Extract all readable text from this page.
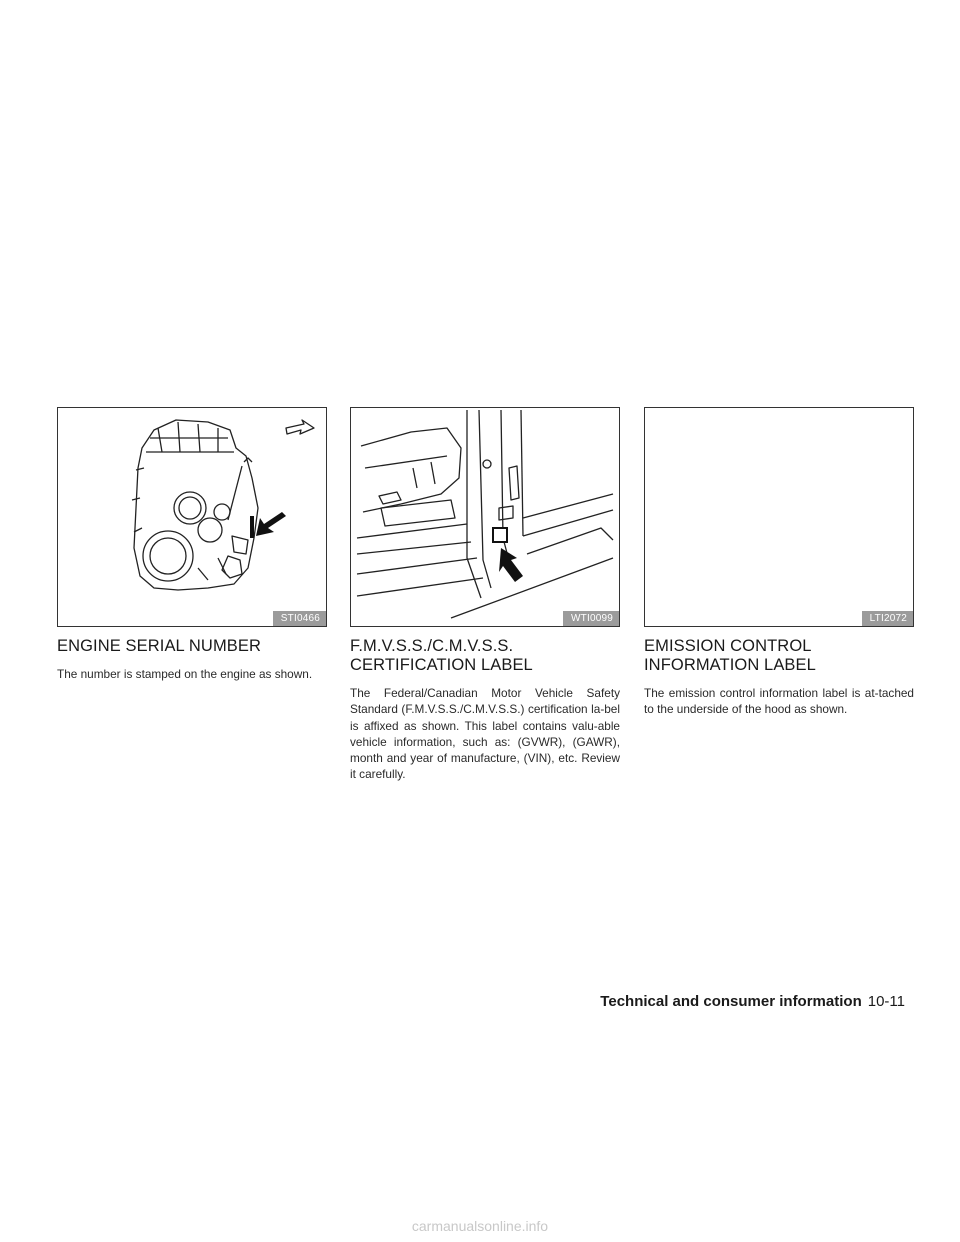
STI0466
ENGINE SERIAL NUMBER

The number is stamped on the engine as shown.

WTI0099
F.M.V.S.S./C.M.V.S.S.
CERTIFICATION LABEL

The Federal/Canadian Motor Vehicle Safety Standard (F.M.V.S.S./C.M.V.S.S.) certification la-bel is affixed as shown. This label contains valu-able vehicle information, such as: (GVWR), (GAWR), month and year of manufacture, (VIN), etc. Review it carefully.

LTI2072
EMISSION CONTROL
INFORMATION LABEL

The emission control information label is at-tached to the underside of the hood as shown.

Technical and consumer information 10-11
carmanualsonline.info
